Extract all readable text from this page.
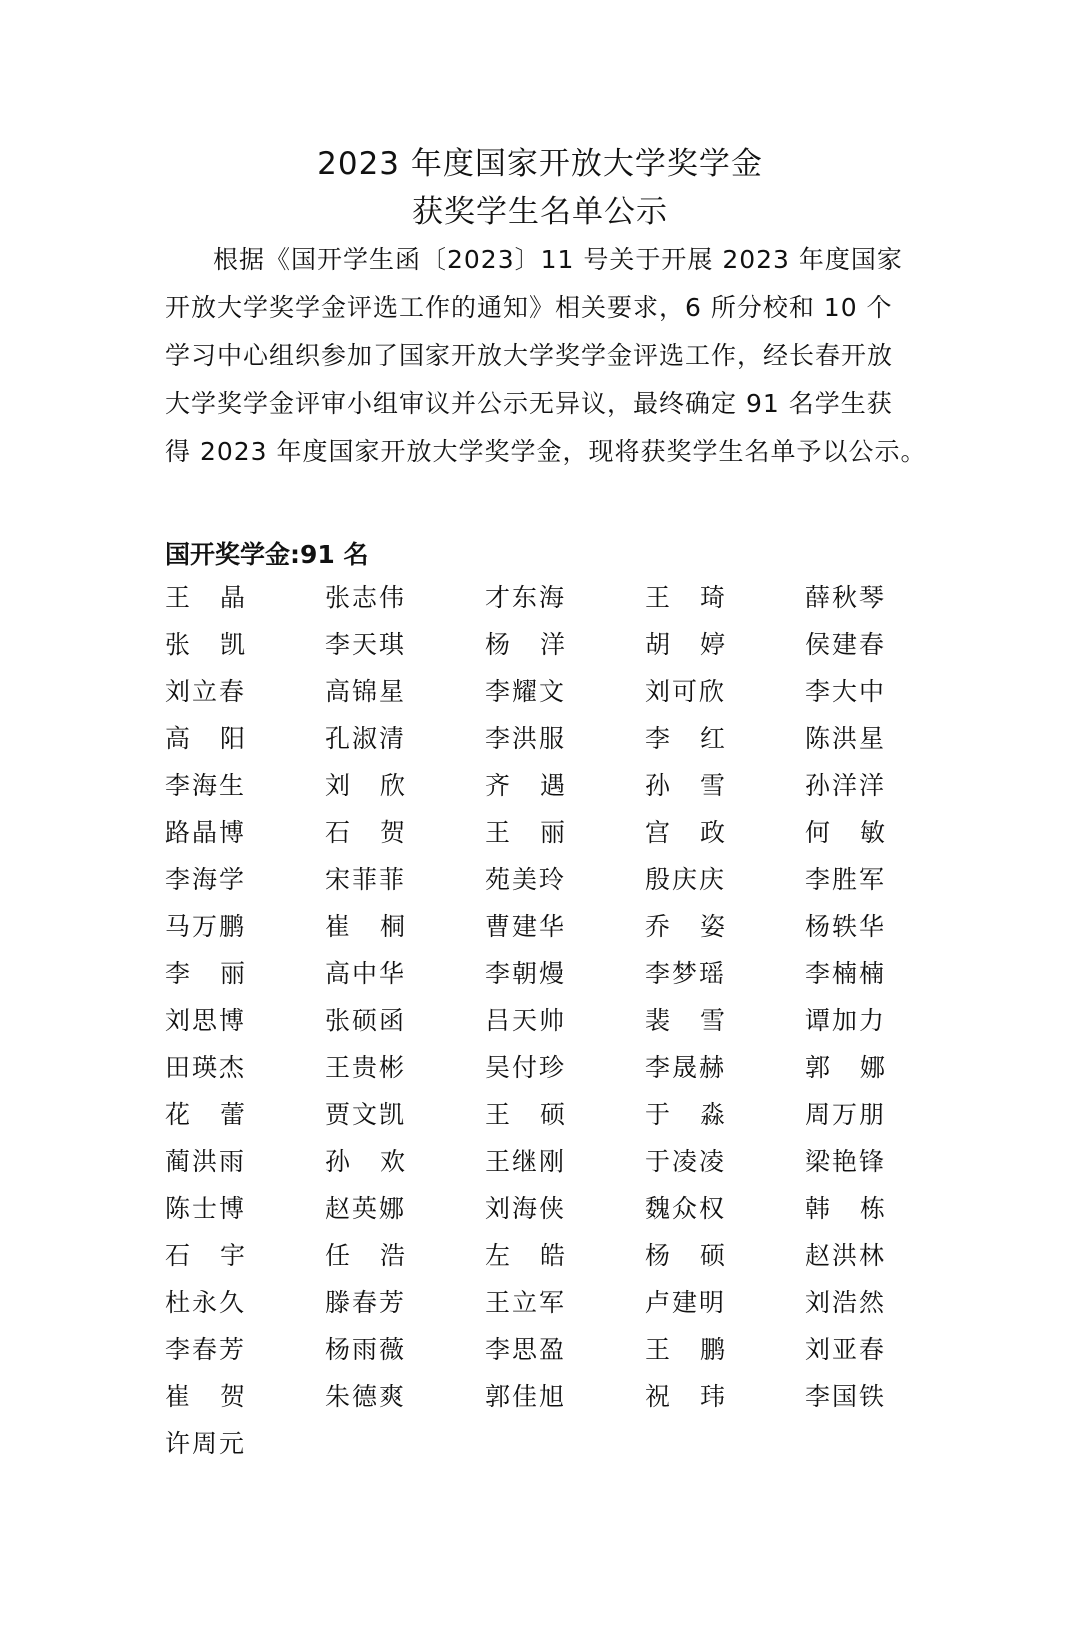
2023 年度国家开放大学奖学金
获奖学生名单公示
根据《国开学生函〔2023〕11 号关于开展 2023 年度国家
开放大学奖学金评选工作的通知》相关要求，6 所分校和 10 个
学习中心组织参加了国家开放大学奖学金评选工作，经长春开放
大学奖学金评审小组审议并公示无异议，最终确定 91 名学生获
得 2023 年度国家开放大学奖学金，现将获奖学生名单予以公示。
国开奖学金:91 名
王 晶	张志伟	才东海	王 琦	薛秋琴
张 凯	李天琪	杨 洋	胡 婷	侯建春
刘立春	高锦星	李耀文	刘可欣	李大中
高 阳	孔淑清	李洪服	李 红	陈洪星
李海生	刘 欣	齐 遇	孙 雪	孙洋洋
路晶博	石 贺	王 丽	宫 政	何 敏
李海学	宋菲菲	苑美玲	殷庆庆	李胜军
马万鹏	崔 桐	曹建华	乔 姿	杨轶华
李 丽	高中华	李朝熳	李梦瑶	李楠楠
刘思博	张硕函	吕天帅	裴 雪	谭加力
田瑛杰	王贵彬	吴付珍	李晟赫	郭 娜
花 蕾	贾文凯	王 硕	于 淼	周万朋
蔺洪雨	孙 欢	王继刚	于凌凌	梁艳锋
陈士博	赵英娜	刘海侠	魏众权	韩 栋
石 宇	任 浩	左 皓	杨 硕	赵洪林
杜永久	滕春芳	王立军	卢建明	刘浩然
李春芳	杨雨薇	李思盈	王 鹏	刘亚春
崔 贺	朱德爽	郭佳旭	祝 玮	李国铁
许周元
